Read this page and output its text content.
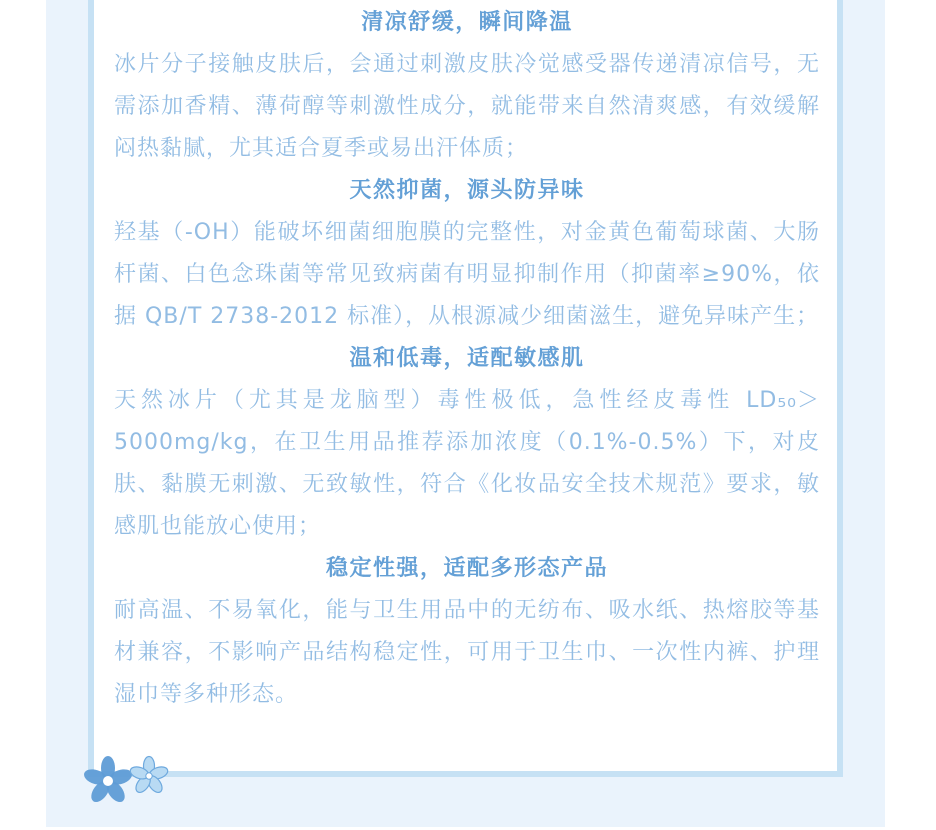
清凉舒缓，瞬间降温

冰片分子接触皮肤后，会通过刺激皮肤冷觉感受器传递清凉信号，无需添加香精、薄荷醇等刺激性成分，就能带来自然清爽感，有效缓解闷热黏腻，尤其适合夏季或易出汗体质；

天然抑菌，源头防异味

羟基（-OH）能破坏细菌细胞膜的完整性，对金黄色葡萄球菌、大肠杆菌、白色念珠菌等常见致病菌有明显抑制作用（抑菌率≥90%，依据 QB/T 2738-2012 标准），从根源减少细菌滋生，避免异味产生；

温和低毒，适配敏感肌

天然冰片（尤其是龙脑型）毒性极低，急性经皮毒性 LD₅₀＞5000mg/kg，在卫生用品推荐添加浓度（0.1%-0.5%）下，对皮肤、黏膜无刺激、无致敏性，符合《化妆品安全技术规范》要求，敏感肌也能放心使用；

稳定性强，适配多形态产品

耐高温、不易氧化，能与卫生用品中的无纺布、吸水纸、热熔胶等基材兼容，不影响产品结构稳定性，可用于卫生巾、一次性内裤、护理湿巾等多种形态。
